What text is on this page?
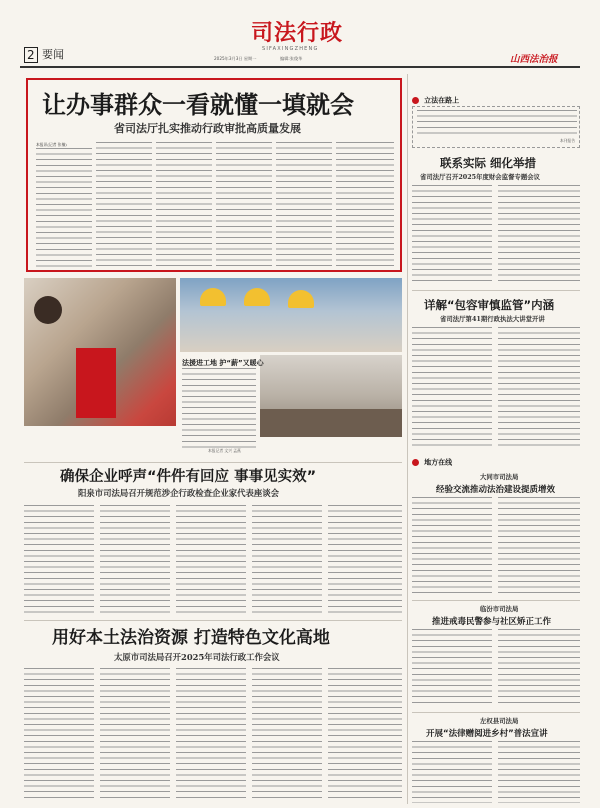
2 要闻
司法行政
SIFAXINGZHENG
2025年3月3日 星期一	编辑:张俊华	山西法治报
让办事群众一看就懂一填就会
省司法厅扎实推动行政审批高质量发展
本报讯(记者 张楠)
法援进工地 护“薪”又暖心
本报记者 文兴 孟燕
确保企业呼声“件件有回应 事事见实效”
阳泉市司法局召开规范涉企行政检查企业家代表座谈会
用好本土法治资源 打造特色文化高地
太原市司法局召开2025年司法行政工作会议
立法在路上
本刊报告
联系实际 细化举措
省司法厅召开2025年度财会监督专题会议
详解“包容审慎监管”内涵
省司法厅第41期行政执法大讲堂开讲
地方在线
大同市司法局
经验交流推动法治建设提质增效
临汾市司法局
推进戒毒民警参与社区矫正工作
左权县司法局
开展“法律赠阅进乡村”普法宣讲
